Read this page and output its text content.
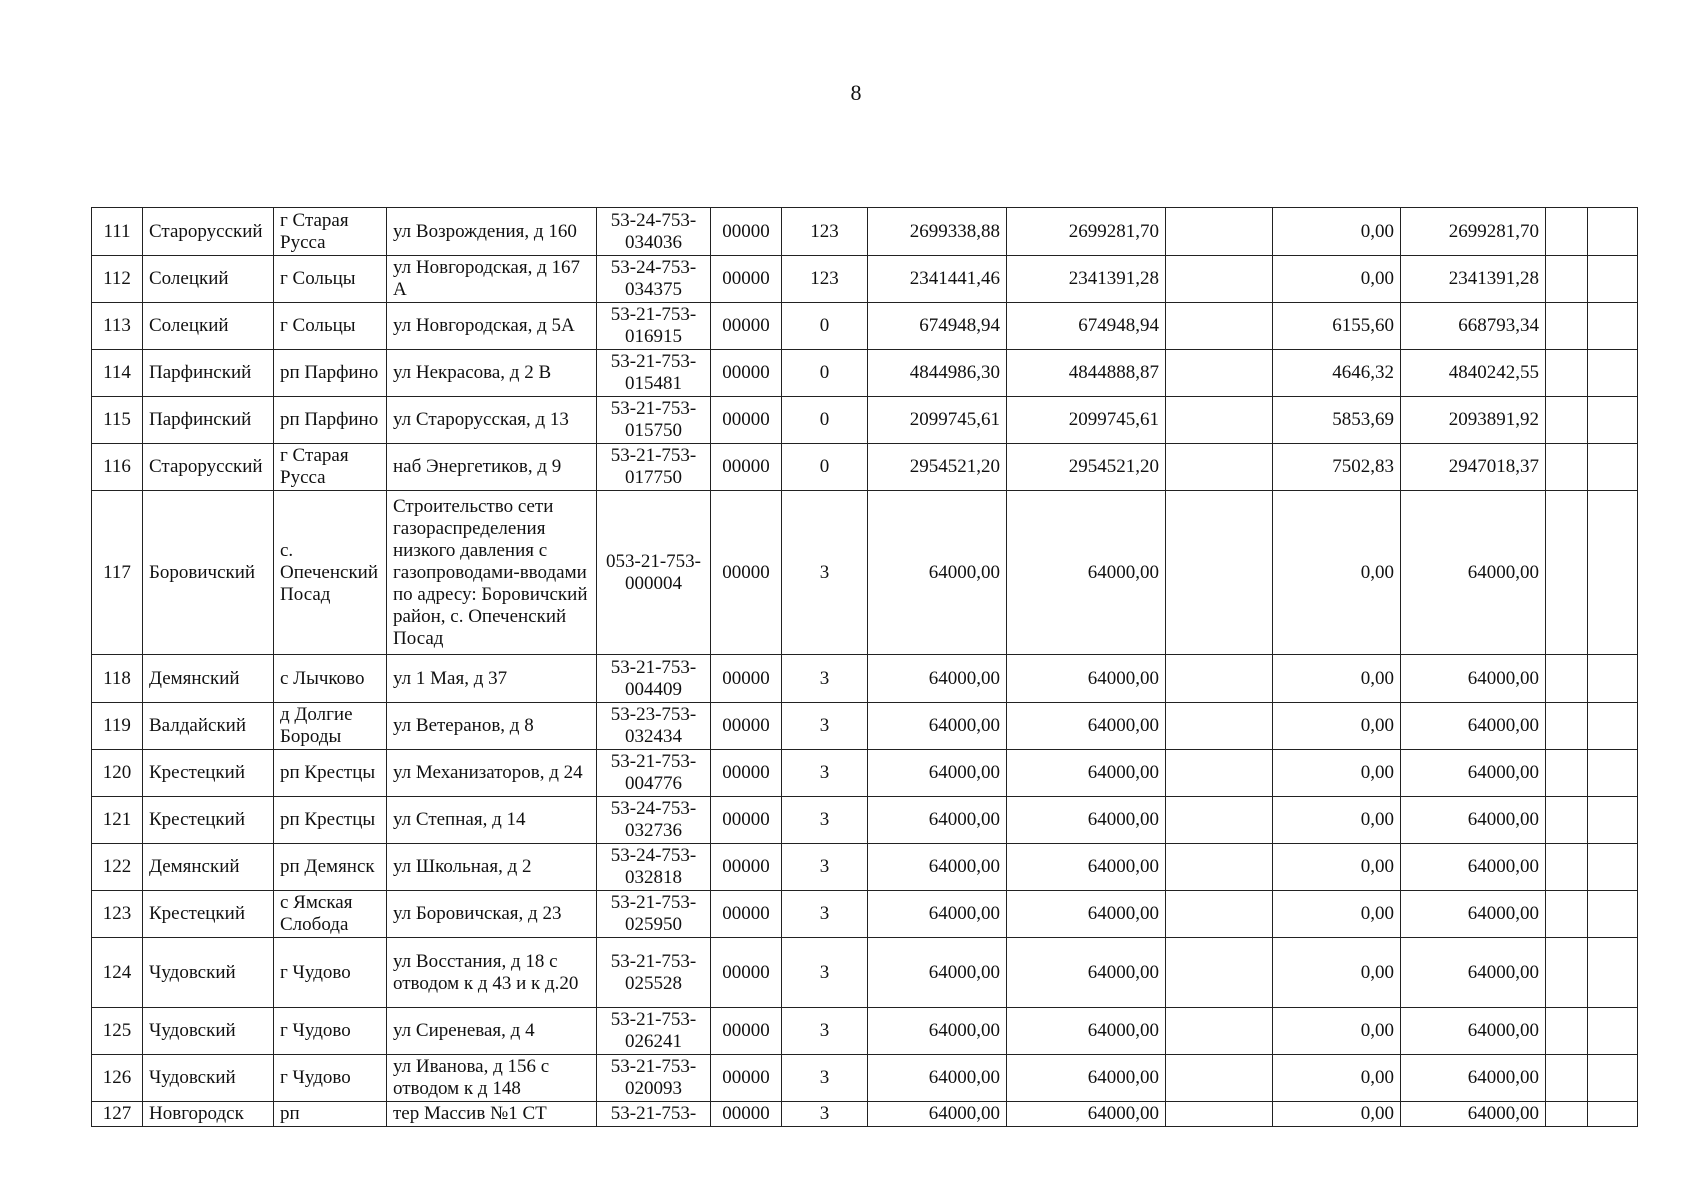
8
111	Старорусский	г Старая Русса	ул Возрождения, д 160	53-24-753-034036	00000	123	2699338,88	2699281,70		0,00	2699281,70		
112	Солецкий	г Сольцы	ул Новгородская, д 167 А	53-24-753-034375	00000	123	2341441,46	2341391,28		0,00	2341391,28		
113	Солецкий	г Сольцы	ул Новгородская, д 5А	53-21-753-016915	00000	0	674948,94	674948,94		6155,60	668793,34		
114	Парфинский	рп Парфино	ул Некрасова, д 2 В	53-21-753-015481	00000	0	4844986,30	4844888,87		4646,32	4840242,55		
115	Парфинский	рп Парфино	ул Старорусская, д 13	53-21-753-015750	00000	0	2099745,61	2099745,61		5853,69	2093891,92		
116	Старорусский	г Старая Русса	наб Энергетиков, д 9	53-21-753-017750	00000	0	2954521,20	2954521,20		7502,83	2947018,37		
117	Боровичский	с. Опеченский Посад	Строительство сети газораспределения низкого давления с газопроводами-вводами по адресу: Боровичский район, с. Опеченский Посад	053-21-753-000004	00000	3	64000,00	64000,00		0,00	64000,00		
118	Демянский	с Лычково	ул 1 Мая, д 37	53-21-753-004409	00000	3	64000,00	64000,00		0,00	64000,00		
119	Валдайский	д Долгие Бороды	ул Ветеранов, д 8	53-23-753-032434	00000	3	64000,00	64000,00		0,00	64000,00		
120	Крестецкий	рп Крестцы	ул Механизаторов, д 24	53-21-753-004776	00000	3	64000,00	64000,00		0,00	64000,00		
121	Крестецкий	рп Крестцы	ул Степная, д 14	53-24-753-032736	00000	3	64000,00	64000,00		0,00	64000,00		
122	Демянский	рп Демянск	ул Школьная, д 2	53-24-753-032818	00000	3	64000,00	64000,00		0,00	64000,00		
123	Крестецкий	с Ямская Слобода	ул Боровичская, д 23	53-21-753-025950	00000	3	64000,00	64000,00		0,00	64000,00		
124	Чудовский	г Чудово	ул Восстания, д 18 с отводом к д 43 и к д.20	53-21-753-025528	00000	3	64000,00	64000,00		0,00	64000,00		
125	Чудовский	г Чудово	ул Сиреневая, д 4	53-21-753-026241	00000	3	64000,00	64000,00		0,00	64000,00		
126	Чудовский	г Чудово	ул Иванова, д 156 с отводом к д 148	53-21-753-020093	00000	3	64000,00	64000,00		0,00	64000,00		
127	Новгородск	рп	тер Массив №1 СТ	53-21-753-	00000	3	64000,00	64000,00		0,00	64000,00		
